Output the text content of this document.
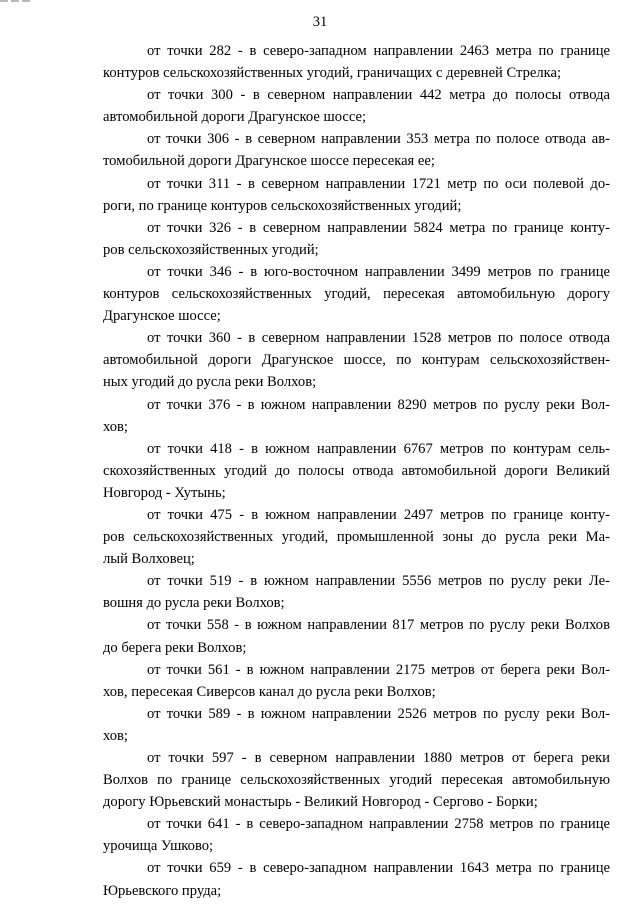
31
от точки 282 - в северо-западном направлении 2463 метра по границе
контуров сельскохозяйственных угодий, граничащих с деревней Стрелка;
от точки 300 - в северном направлении 442 метра до полосы отвода
автомобильной дороги Драгунское шоссе;
от точки 306 - в северном направлении 353 метра по полосе отвода ав-
томобильной дороги Драгунское шоссе пересекая ее;
от точки 311 - в северном направлении 1721 метр по оси полевой до-
роги, по границе контуров сельскохозяйственных угодий;
от точки 326 - в северном направлении 5824 метра по границе конту-
ров сельскохозяйственных угодий;
от точки 346 - в юго-восточном направлении 3499 метров по границе
контуров сельскохозяйственных угодий, пересекая автомобильную дорогу
Драгунское шоссе;
от точки 360 - в северном направлении 1528 метров по полосе отвода
автомобильной дороги Драгунское шоссе, по контурам сельскохозяйствен-
ных угодий до русла реки Волхов;
от точки 376 - в южном направлении 8290 метров по руслу реки Вол-
хов;
от точки 418 - в южном направлении 6767 метров по контурам сель-
скохозяйственных угодий до полосы отвода автомобильной дороги Великий
Новгород - Хутынь;
от точки 475 - в южном направлении 2497 метров по границе конту-
ров сельскохозяйственных угодий, промышленной зоны до русла реки Ма-
лый Волховец;
от точки 519 - в южном направлении 5556 метров по руслу реки Ле-
вошня до русла реки Волхов;
от точки 558 - в южном направлении 817 метров по руслу реки Волхов
до берега реки Волхов;
от точки 561 - в южном направлении 2175 метров от берега реки Вол-
хов, пересекая Сиверсов канал до русла реки Волхов;
от точки 589 - в южном направлении 2526 метров по руслу реки Вол-
хов;
от точки 597 - в северном направлении 1880 метров от берега реки
Волхов по границе сельскохозяйственных угодий пересекая автомобильную
дорогу Юрьевский монастырь - Великий Новгород - Сергово - Борки;
от точки 641 - в северо-западном направлении 2758 метров по границе
урочища Ушково;
от точки 659 - в северо-западном направлении 1643 метра по границе
Юрьевского пруда;
